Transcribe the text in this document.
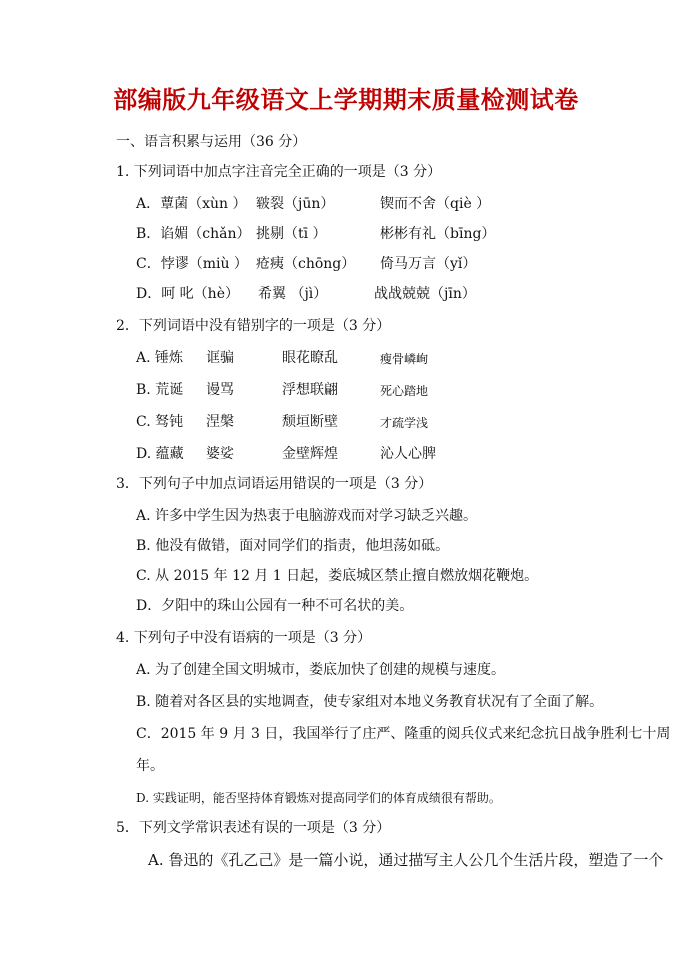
部编版九年级语文上学期期末质量检测试卷
一、语言积累与运用（36 分）
1. 下列词语中加点字注音完全正确的一项是（3 分）
A．蕈菌（xùn ） 皲裂（jūn）	锲而不舍（qiè ）
B．谄媚（chǎn） 挑剔（tī ）	彬彬有礼（bīng）
C．悖谬（miù ） 疮痍（chōng） 倚马万言（yǐ）
D．呵 叱（hè） 希翼 （jì）	战战兢兢（jīn）
2．下列词语中没有错别字的一项是（3 分）
A. 锤炼 诓骗	眼花瞭乱	瘦骨嶙峋
B. 荒诞 谩骂	浮想联翩	死心踏地
C. 驽钝 涅槃	颓垣断壁	才疏学浅
D. 蕴藏 婆娑	金壁辉煌	沁人心脾
3．下列句子中加点词语运用错误的一项是（3 分）
A. 许多中学生因为热衷于电脑游戏而对学习缺乏兴趣。
B. 他没有做错，面对同学们的指责，他坦荡如砥。
C. 从 2015 年 12 月 1 日起，娄底城区禁止擅自燃放烟花鞭炮。
D．夕阳中的珠山公园有一种不可名状的美。
4. 下列句子中没有语病的一项是（3 分）
A. 为了创建全国文明城市，娄底加快了创建的规模与速度。
B. 随着对各区县的实地调查，使专家组对本地义务教育状况有了全面了解。
C．2015 年 9 月 3 日，我国举行了庄严、隆重的阅兵仪式来纪念抗日战争胜利七十周
年。
D. 实践证明，能否坚持体育锻炼对提高同学们的体育成绩很有帮助。
5．下列文学常识表述有误的一项是（3 分）
A. 鲁迅的《孔乙己》是一篇小说，通过描写主人公几个生活片段，塑造了一个
